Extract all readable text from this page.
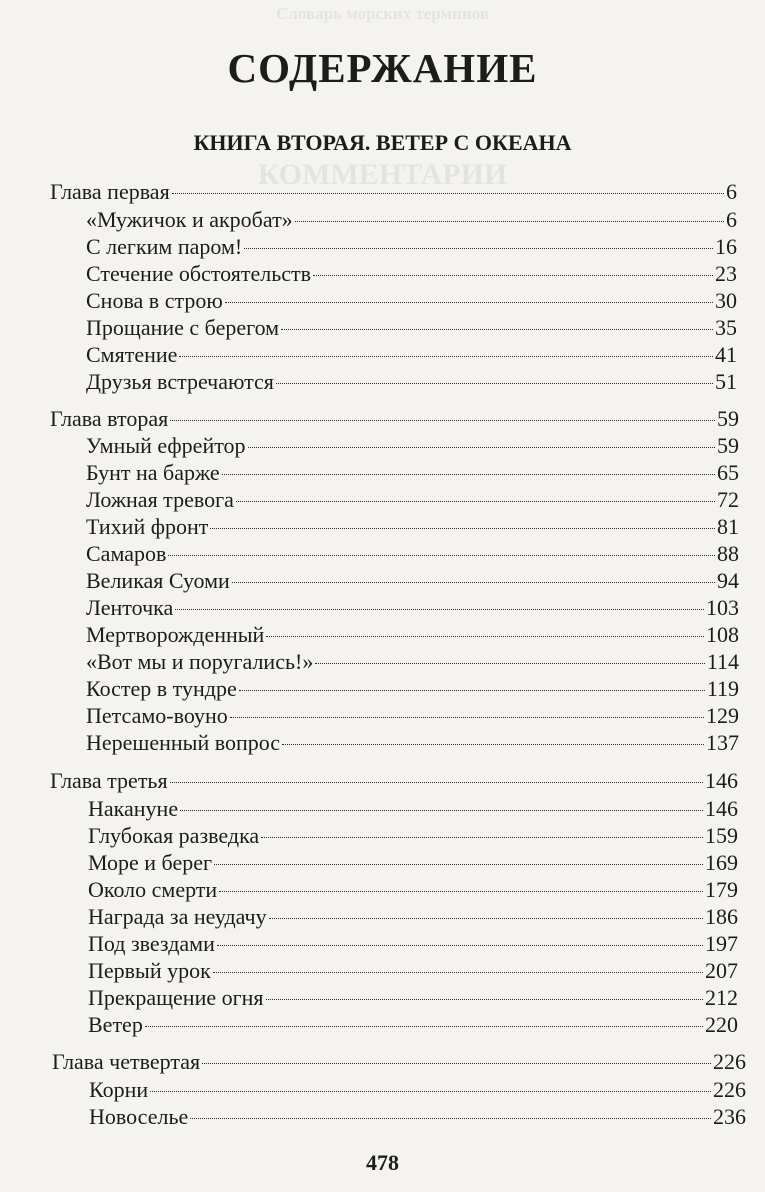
Словарь морских терминов
КОММЕНТАРИИ
СОДЕРЖАНИЕ
КНИГА ВТОРАЯ. ВЕТЕР С ОКЕАНА
Глава первая	6
«Мужичок и акробат»	6
С легким паром!	16
Стечение обстоятельств	23
Снова в строю	30
Прощание с берегом	35
Смятение	41
Друзья встречаются	51
Глава вторая	59
Умный ефрейтор	59
Бунт на барже	65
Ложная тревога	72
Тихий фронт	81
Самаров	88
Великая Суоми	94
Ленточка	103
Мертворожденный	108
«Вот мы и поругались!»	114
Костер в тундре	119
Петсамо-воуно	129
Нерешенный вопрос	137
Глава третья	146
Накануне	146
Глубокая разведка	159
Море и берег	169
Около смерти	179
Награда за неудачу	186
Под звездами	197
Первый урок	207
Прекращение огня	212
Ветер	220
Глава четвертая	226
Корни	226
Новоселье	236
478
